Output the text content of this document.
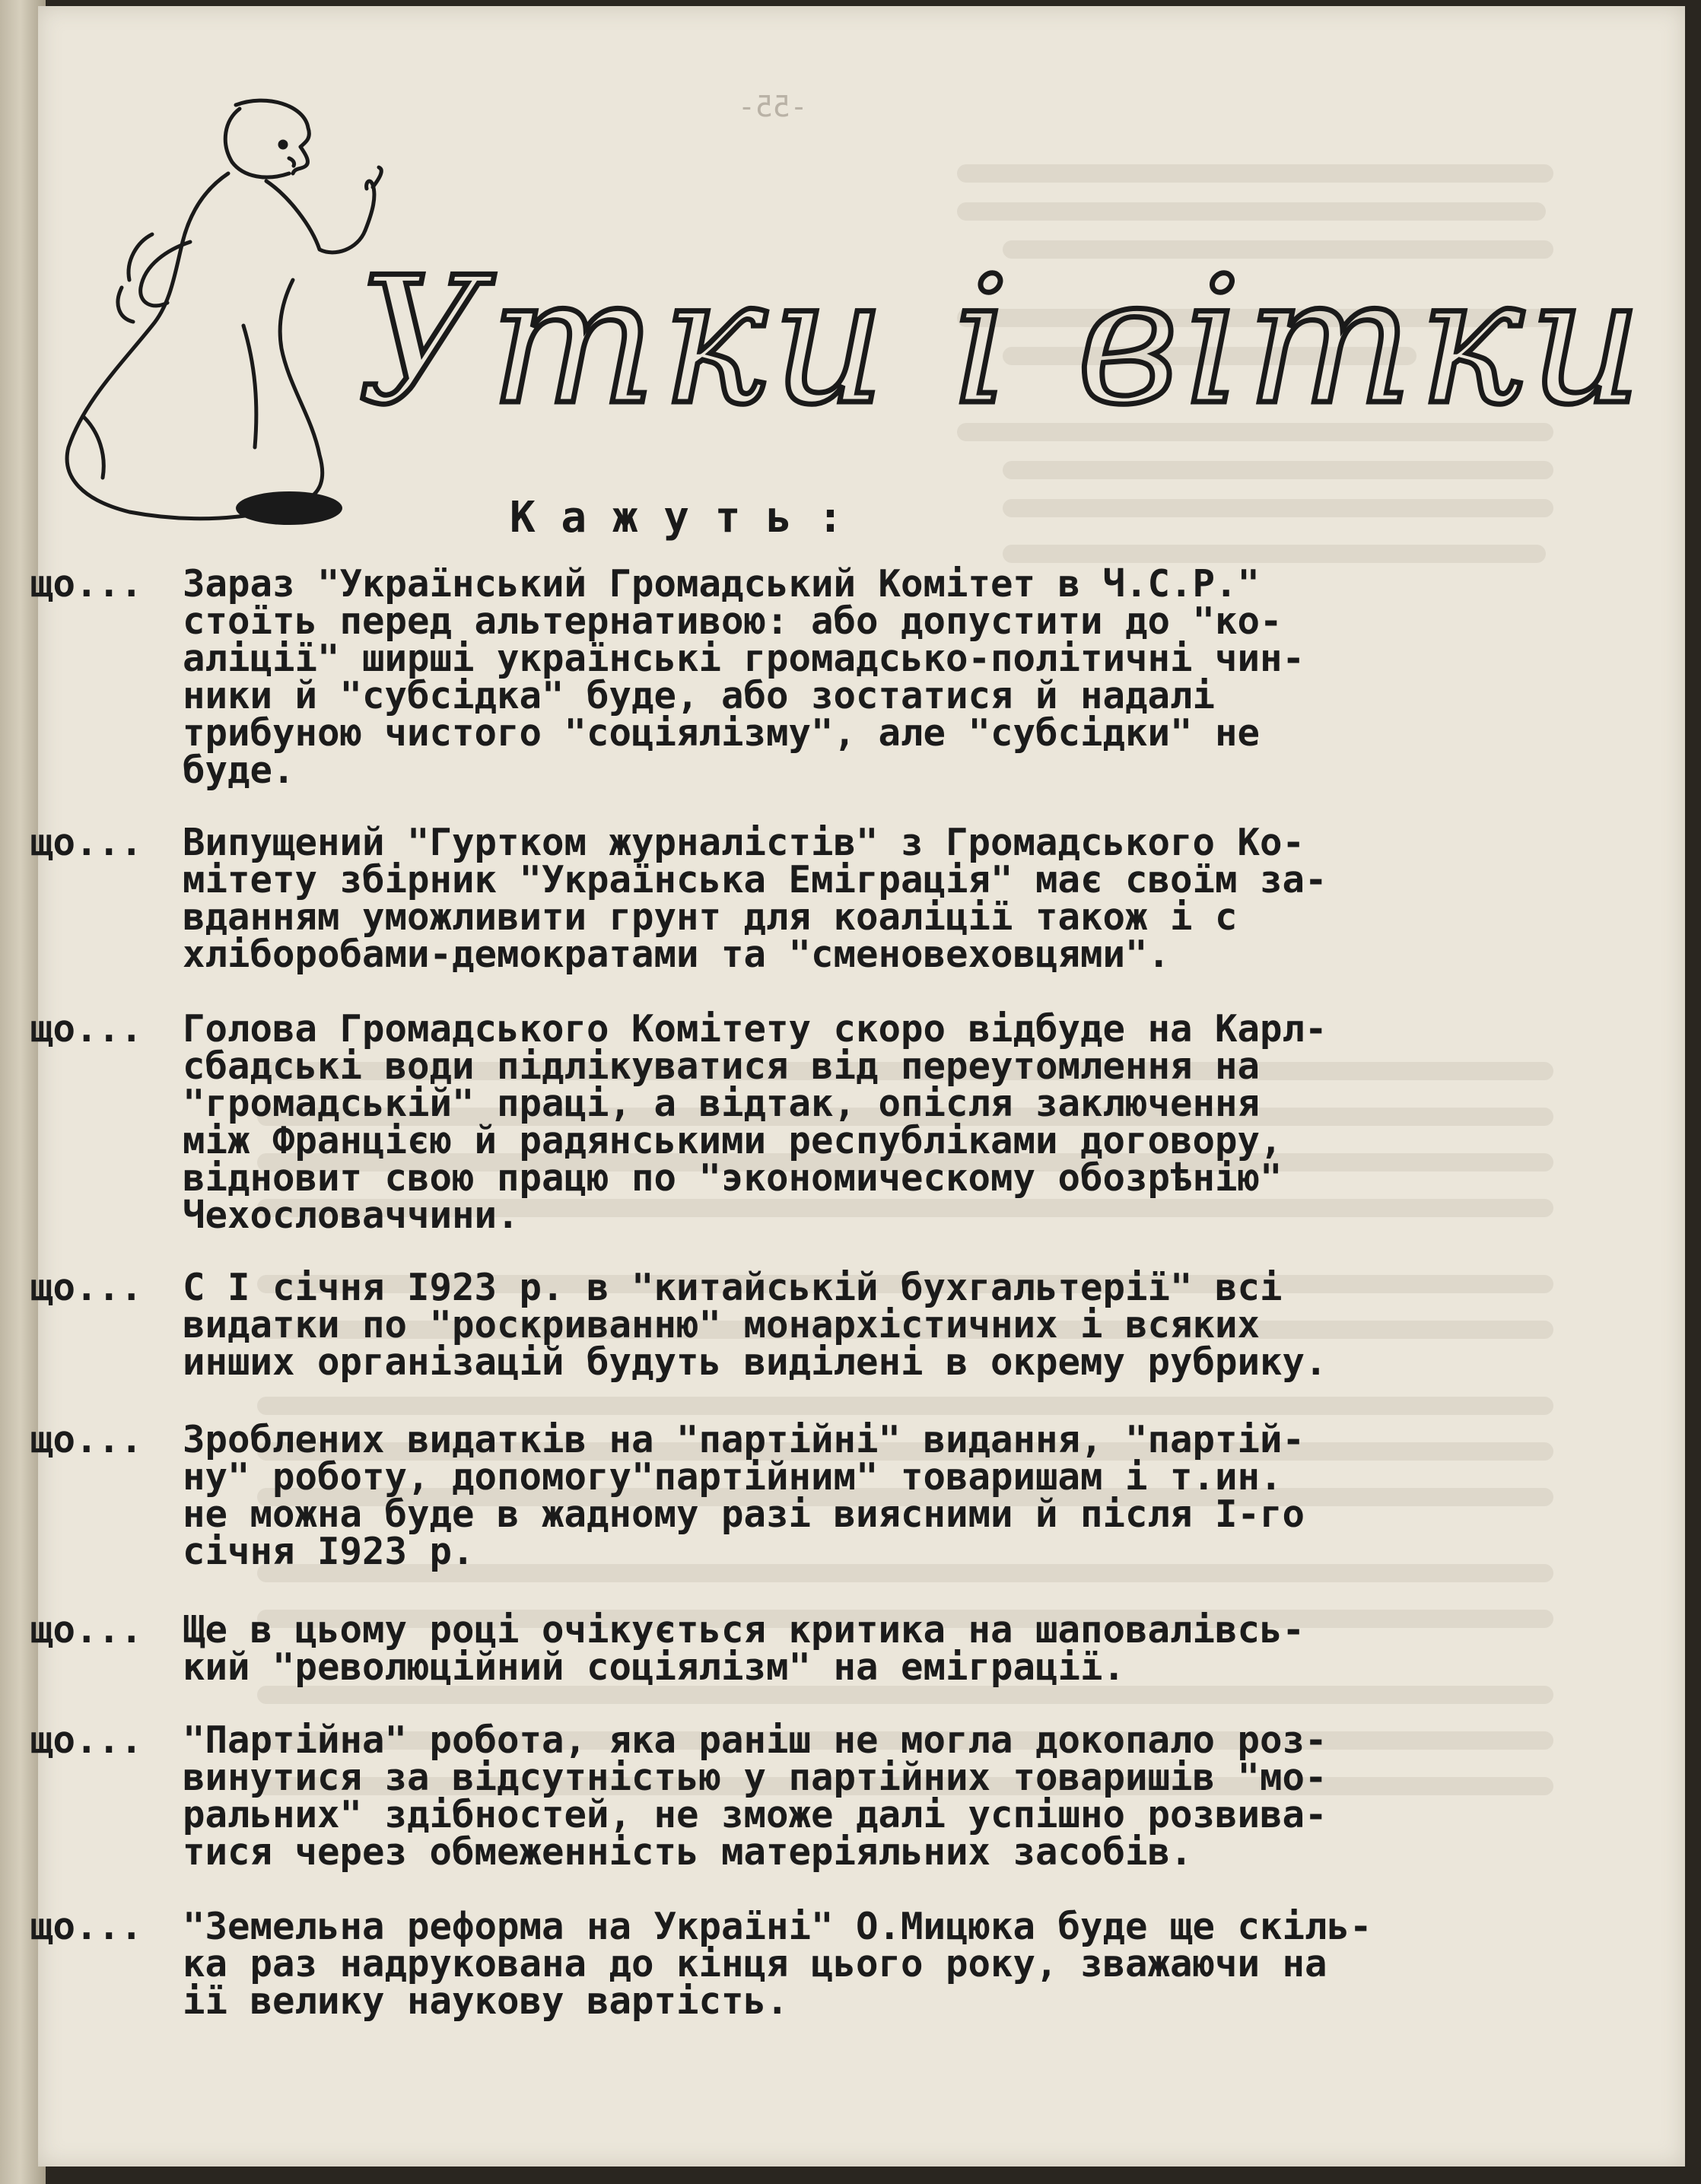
-55-

Утки і вітки
К а ж у т ь :
що...	Зараз "Український Громадський Комітет в Ч.С.Р."
стоїть перед альтернативою: або допустити до "ко-
aліції" ширші українські громадсько-політичні чин-
ники й "субсідка" буде, або зостатися й надалі
трибуною чистого "соціялізму", але "субсідки" не
буде.
що...	Випущений "Гуртком журналістів" з Громадського Ко-
мітету збірник "Українська Еміграція" має своїм за-
вданням уможливити грунт для коаліції також і с
хліборобами-демократами та "сменовеховцями".
що...	Голова Громадського Комітету скоро відбуде на Карл-
сбадські води підлікуватися від переутомлення на
"громадській" праці, а відтак, опісля заключення
між Францією й радянськими республіками договору,
відновит свою працю по "экономическому обозрѣнію"
Чехословаччини.
що...	С I січня I923 р. в "китайській бухгальтерії" всі
видатки по "роскриванню" монархістичних і всяких
инших організацій будуть виділені в окрему рубрику.
що...	Зроблених видатків на "партійні" видання, "партій-
ну" роботу, допомогу"партійним" товаришам і т.ин.
не можна буде в жадному разі виясними й після I-го
січня I923 р.
що...	Ще в цьому році очікується критика на шаповалівсь-
кий "революційний соціялізм" на еміграції.
що...	"Партійна" робота, яка раніш не могла докопало роз-
винутися за відсутністью у партійних товаришів "мо-
ральних" здібностей, не зможе далі успішно розвива-
тися через обмеженність матеріяльних засобів.
що...	"Земельна реформа на Україні" О.Мицюка буде ще скіль-
ка раз надрукована до кінця цього року, зважаючи на
ії велику наукову вартість.
